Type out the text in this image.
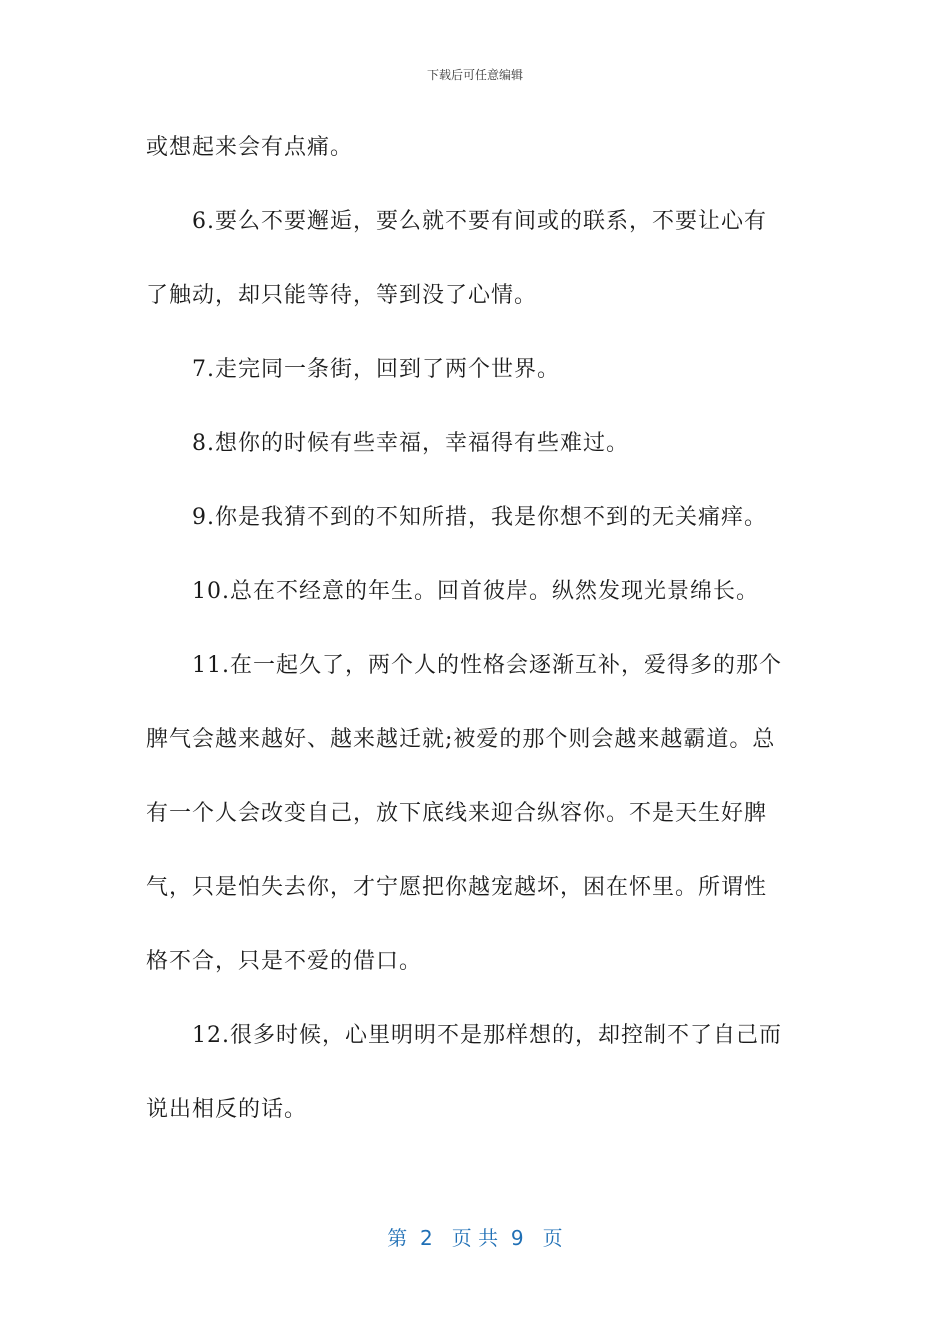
下载后可任意编辑
或想起来会有点痛。
6.要么不要邂逅，要么就不要有间或的联系，不要让心有
了触动，却只能等待，等到没了心情。
7.走完同一条街，回到了两个世界。
8.想你的时候有些幸福，幸福得有些难过。
9.你是我猜不到的不知所措，我是你想不到的无关痛痒。
10.总在不经意的年生。回首彼岸。纵然发现光景绵长。
11.在一起久了，两个人的性格会逐渐互补，爱得多的那个
脾气会越来越好、越来越迁就;被爱的那个则会越来越霸道。总
有一个人会改变自己，放下底线来迎合纵容你。不是天生好脾
气，只是怕失去你，才宁愿把你越宠越坏，困在怀里。所谓性
格不合，只是不爱的借口。
12.很多时候，心里明明不是那样想的，却控制不了自己而
说出相反的话。
第  2   页 共  9   页
